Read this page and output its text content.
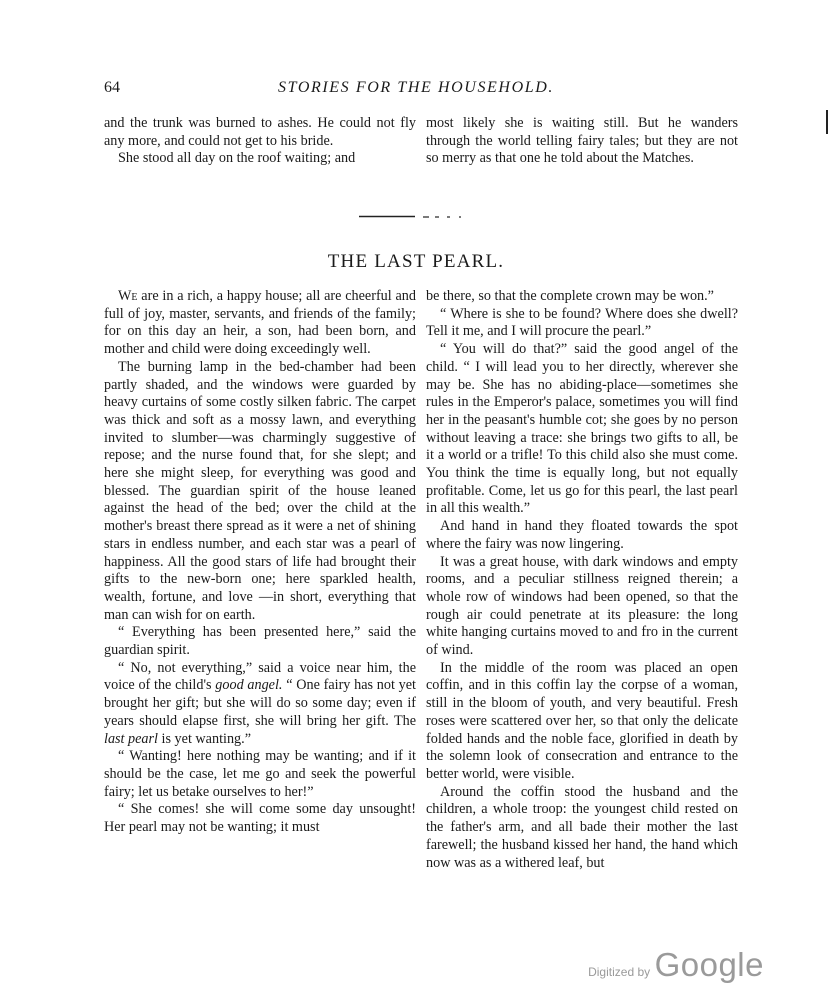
64	STORIES FOR THE HOUSEHOLD.

and the trunk was burned to ashes. He could not fly any more, and could not get to his bride.

She stood all day on the roof waiting; and

most likely she is waiting still. But he wanders through the world telling fairy tales; but they are not so merry as that one he told about the Matches.

THE LAST PEARL.

We are in a rich, a happy house; all are cheerful and full of joy, master, servants, and friends of the family; for on this day an heir, a son, had been born, and mother and child were doing exceedingly well.

The burning lamp in the bed-chamber had been partly shaded, and the windows were guarded by heavy curtains of some costly silken fabric. The carpet was thick and soft as a mossy lawn, and everything invited to slumber—was charmingly suggestive of repose; and the nurse found that, for she slept; and here she might sleep, for everything was good and blessed. The guardian spirit of the house leaned against the head of the bed; over the child at the mother's breast there spread as it were a net of shining stars in endless number, and each star was a pearl of happiness. All the good stars of life had brought their gifts to the new-born one; here sparkled health, wealth, fortune, and love —in short, everything that man can wish for on earth.

“ Everything has been presented here,” said the guardian spirit.

“ No, not everything,” said a voice near him, the voice of the child's good angel. “ One fairy has not yet brought her gift; but she will do so some day; even if years should elapse first, she will bring her gift. The last pearl is yet wanting.”

“ Wanting! here nothing may be wanting; and if it should be the case, let me go and seek the powerful fairy; let us betake ourselves to her!”

“ She comes! she will come some day unsought! Her pearl may not be wanting; it must

be there, so that the complete crown may be won.”

“ Where is she to be found? Where does she dwell? Tell it me, and I will procure the pearl.”

“ You will do that?” said the good angel of the child. “ I will lead you to her directly, wherever she may be. She has no abiding-place—sometimes she rules in the Emperor's palace, sometimes you will find her in the peasant's humble cot; she goes by no person without leaving a trace: she brings two gifts to all, be it a world or a trifle! To this child also she must come. You think the time is equally long, but not equally profitable. Come, let us go for this pearl, the last pearl in all this wealth.”

And hand in hand they floated towards the spot where the fairy was now lingering.

It was a great house, with dark windows and empty rooms, and a peculiar stillness reigned therein; a whole row of windows had been opened, so that the rough air could penetrate at its pleasure: the long white hanging curtains moved to and fro in the current of wind.

In the middle of the room was placed an open coffin, and in this coffin lay the corpse of a woman, still in the bloom of youth, and very beautiful. Fresh roses were scattered over her, so that only the delicate folded hands and the noble face, glorified in death by the solemn look of consecration and entrance to the better world, were visible.

Around the coffin stood the husband and the children, a whole troop: the youngest child rested on the father's arm, and all bade their mother the last farewell; the husband kissed her hand, the hand which now was as a withered leaf, but

Digitized by Google
